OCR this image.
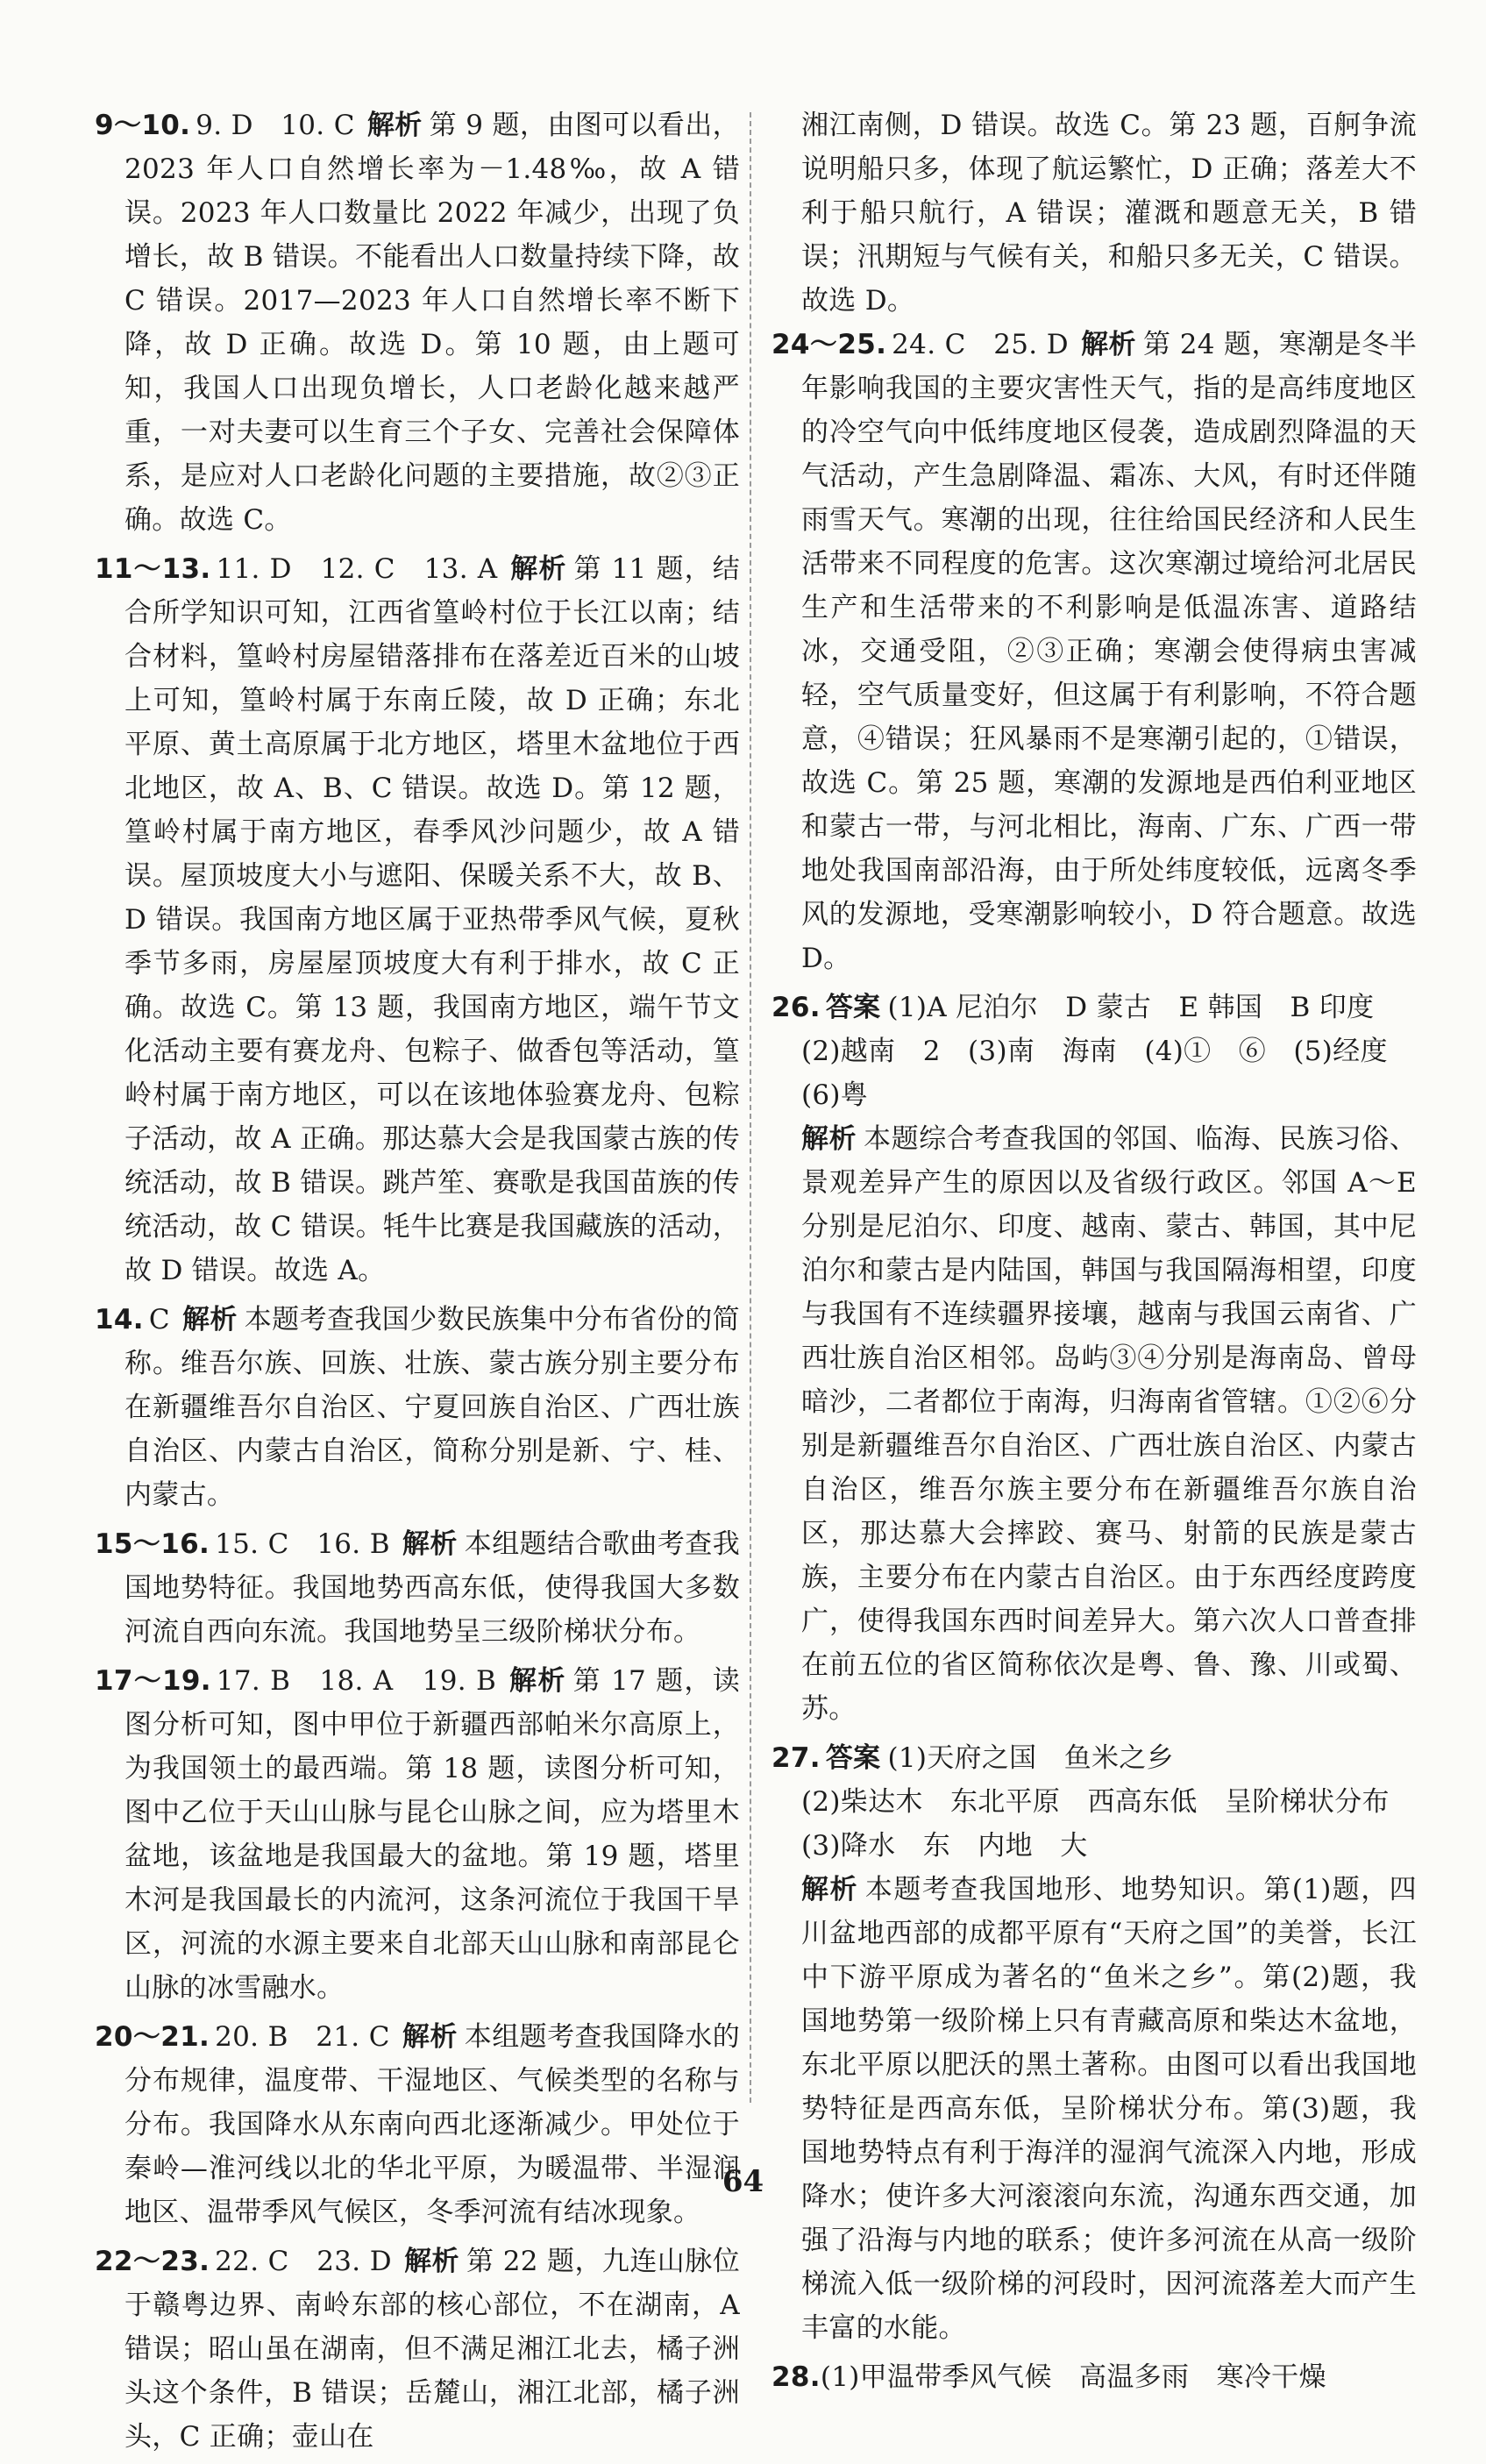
9～10. 9. D　10. C 解析 第 9 题，由图可以看出，2023 年人口自然增长率为－1.48‰，故 A 错误。2023 年人口数量比 2022 年减少，出现了负增长，故 B 错误。不能看出人口数量持续下降，故 C 错误。2017—2023 年人口自然增长率不断下降，故 D 正确。故选 D。第 10 题，由上题可知，我国人口出现负增长，人口老龄化越来越严重，一对夫妻可以生育三个子女、完善社会保障体系，是应对人口老龄化问题的主要措施，故②③正确。故选 C。

11～13. 11. D　12. C　13. A 解析 第 11 题，结合所学知识可知，江西省篁岭村位于长江以南；结合材料，篁岭村房屋错落排布在落差近百米的山坡上可知，篁岭村属于东南丘陵，故 D 正确；东北平原、黄土高原属于北方地区，塔里木盆地位于西北地区，故 A、B、C 错误。故选 D。第 12 题，篁岭村属于南方地区，春季风沙问题少，故 A 错误。屋顶坡度大小与遮阳、保暖关系不大，故 B、D 错误。我国南方地区属于亚热带季风气候，夏秋季节多雨，房屋屋顶坡度大有利于排水，故 C 正确。故选 C。第 13 题，我国南方地区，端午节文化活动主要有赛龙舟、包粽子、做香包等活动，篁岭村属于南方地区，可以在该地体验赛龙舟、包粽子活动，故 A 正确。那达慕大会是我国蒙古族的传统活动，故 B 错误。跳芦笙、赛歌是我国苗族的传统活动，故 C 错误。牦牛比赛是我国藏族的活动，故 D 错误。故选 A。

14. C 解析 本题考查我国少数民族集中分布省份的简称。维吾尔族、回族、壮族、蒙古族分别主要分布在新疆维吾尔自治区、宁夏回族自治区、广西壮族自治区、内蒙古自治区，简称分别是新、宁、桂、内蒙古。

15～16. 15. C　16. B 解析 本组题结合歌曲考查我国地势特征。我国地势西高东低，使得我国大多数河流自西向东流。我国地势呈三级阶梯状分布。

17～19. 17. B　18. A　19. B 解析 第 17 题，读图分析可知，图中甲位于新疆西部帕米尔高原上，为我国领土的最西端。第 18 题，读图分析可知，图中乙位于天山山脉与昆仑山脉之间，应为塔里木盆地，该盆地是我国最大的盆地。第 19 题，塔里木河是我国最长的内流河，这条河流位于我国干旱区，河流的水源主要来自北部天山山脉和南部昆仑山脉的冰雪融水。

20～21. 20. B　21. C 解析 本组题考查我国降水的分布规律，温度带、干湿地区、气候类型的名称与分布。我国降水从东南向西北逐渐减少。甲处位于秦岭—淮河线以北的华北平原，为暖温带、半湿润地区、温带季风气候区，冬季河流有结冰现象。

22～23. 22. C　23. D 解析 第 22 题，九连山脉位于赣粤边界、南岭东部的核心部位，不在湖南，A 错误；昭山虽在湖南，但不满足湘江北去，橘子洲头这个条件，B 错误；岳麓山，湘江北部，橘子洲头，C 正确；壶山在

湘江南侧，D 错误。故选 C。第 23 题，百舸争流说明船只多，体现了航运繁忙，D 正确；落差大不利于船只航行，A 错误；灌溉和题意无关，B 错误；汛期短与气候有关，和船只多无关，C 错误。故选 D。

24～25. 24. C　25. D 解析 第 24 题，寒潮是冬半年影响我国的主要灾害性天气，指的是高纬度地区的冷空气向中低纬度地区侵袭，造成剧烈降温的天气活动，产生急剧降温、霜冻、大风，有时还伴随雨雪天气。寒潮的出现，往往给国民经济和人民生活带来不同程度的危害。这次寒潮过境给河北居民生产和生活带来的不利影响是低温冻害、道路结冰，交通受阻，②③正确；寒潮会使得病虫害减轻，空气质量变好，但这属于有利影响，不符合题意，④错误；狂风暴雨不是寒潮引起的，①错误，故选 C。第 25 题，寒潮的发源地是西伯利亚地区和蒙古一带，与河北相比，海南、广东、广西一带地处我国南部沿海，由于所处纬度较低，远离冬季风的发源地，受寒潮影响较小，D 符合题意。故选 D。

26. 答案 (1)A 尼泊尔　D 蒙古　E 韩国　B 印度

(2)越南　2　(3)南　海南　(4)①　⑥　(5)经度

(6)粤

解析 本题综合考查我国的邻国、临海、民族习俗、景观差异产生的原因以及省级行政区。邻国 A～E 分别是尼泊尔、印度、越南、蒙古、韩国，其中尼泊尔和蒙古是内陆国，韩国与我国隔海相望，印度与我国有不连续疆界接壤，越南与我国云南省、广西壮族自治区相邻。岛屿③④分别是海南岛、曾母暗沙，二者都位于南海，归海南省管辖。①②⑥分别是新疆维吾尔自治区、广西壮族自治区、内蒙古自治区，维吾尔族主要分布在新疆维吾尔族自治区，那达慕大会摔跤、赛马、射箭的民族是蒙古族，主要分布在内蒙古自治区。由于东西经度跨度广，使得我国东西时间差异大。第六次人口普查排在前五位的省区简称依次是粤、鲁、豫、川或蜀、苏。

27. 答案 (1)天府之国　鱼米之乡

(2)柴达木　东北平原　西高东低　呈阶梯状分布

(3)降水　东　内地　大

解析 本题考查我国地形、地势知识。第(1)题，四川盆地西部的成都平原有“天府之国”的美誉，长江中下游平原成为著名的“鱼米之乡”。第(2)题，我国地势第一级阶梯上只有青藏高原和柴达木盆地，东北平原以肥沃的黑土著称。由图可以看出我国地势特征是西高东低，呈阶梯状分布。第(3)题，我国地势特点有利于海洋的湿润气流深入内地，形成降水；使许多大河滚滚向东流，沟通东西交通，加强了沿海与内地的联系；使许多河流在从高一级阶梯流入低一级阶梯的河段时，因河流落差大而产生丰富的水能。

28.(1)甲温带季风气候　高温多雨　寒冷干燥

64
